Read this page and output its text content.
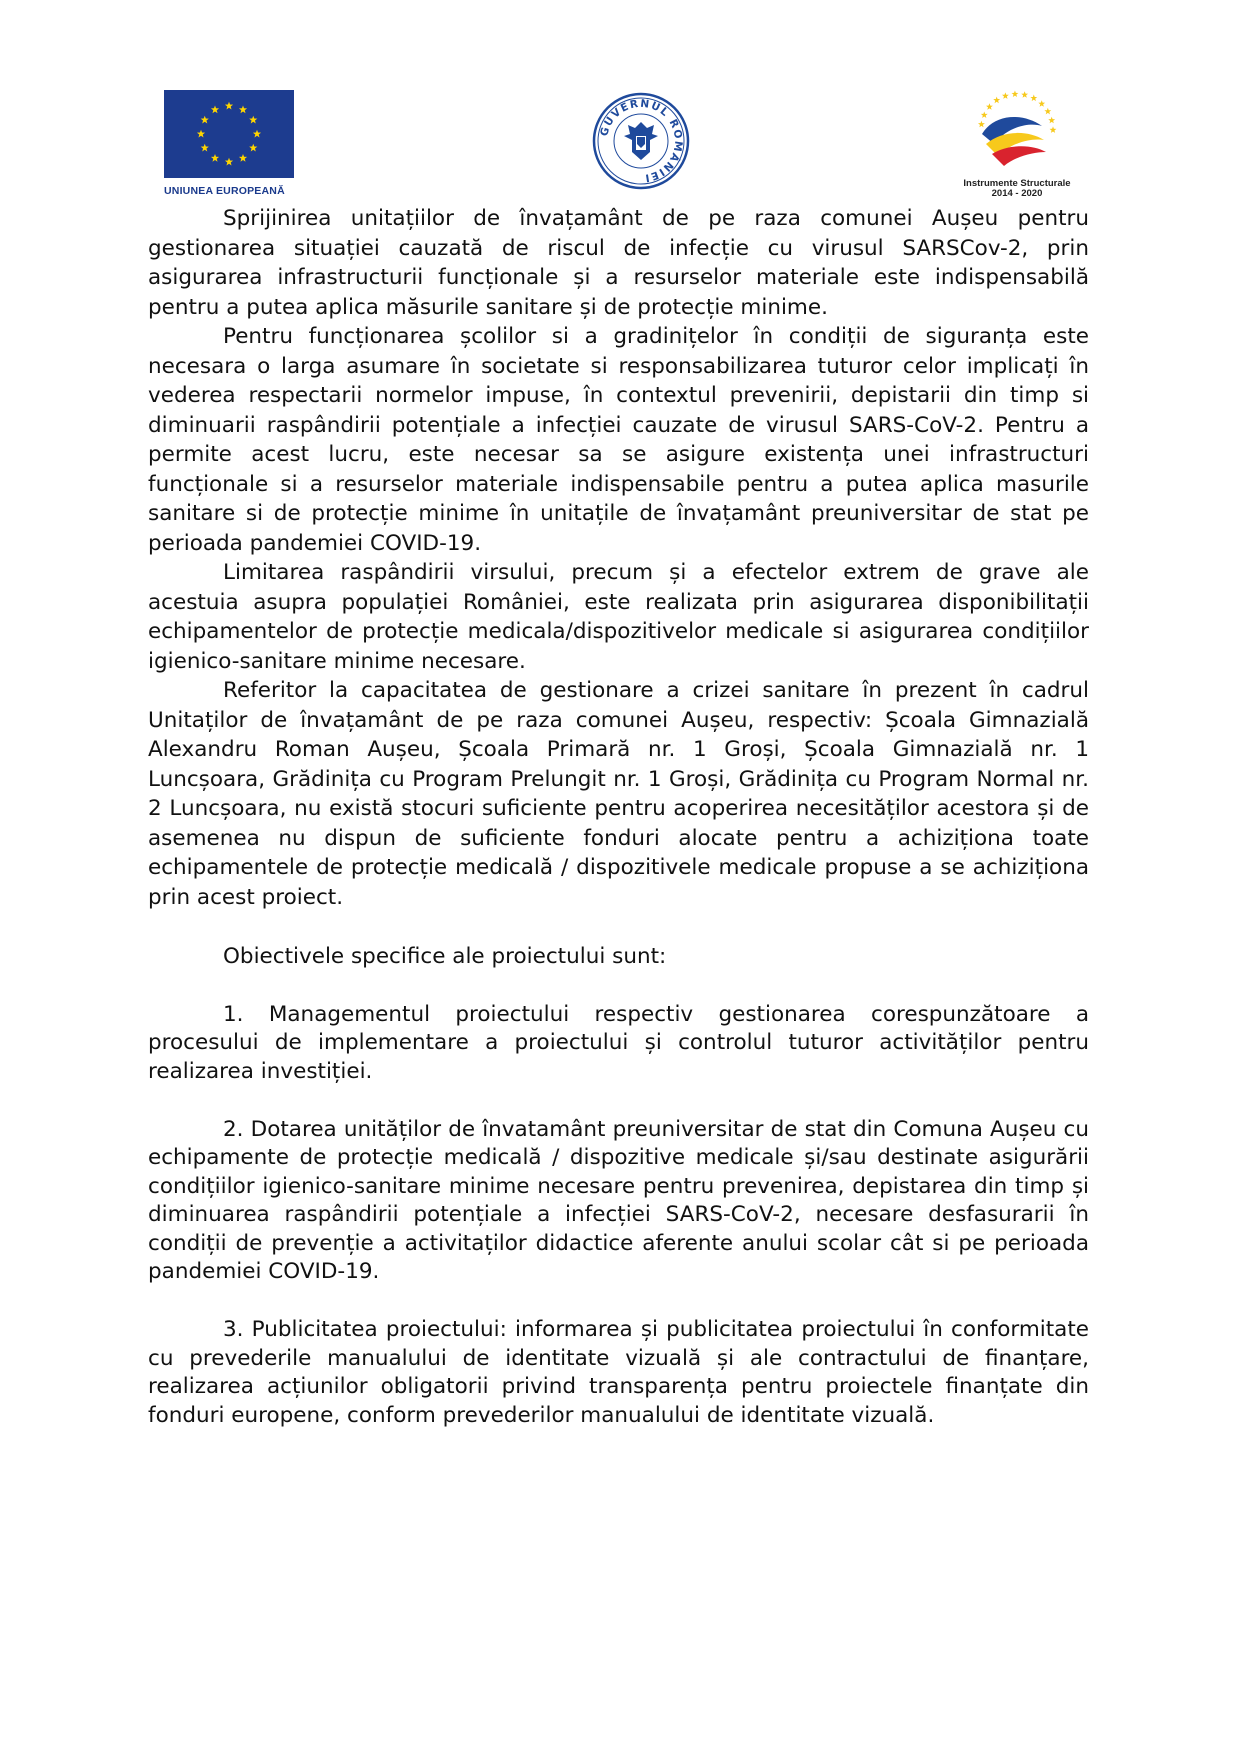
UNIUNEA EUROPEANĂ
GUVERNUL ROMÂNIEI	Instrumente Structurale
2014 - 2020

Sprijinirea unitațiilor de învațamânt de pe raza comunei Aușeu pentru gestionarea situației cauzată de riscul de infecție cu virusul SARSCov-2, prin asigurarea infrastructurii funcționale și a resurselor materiale este indispensabilă pentru a putea aplica măsurile sanitare și de protecție minime.

Pentru funcționarea școlilor si a gradinițelor în condiții de siguranța este necesara o larga asumare în societate si responsabilizarea tuturor celor implicați în vederea respectarii normelor impuse, în contextul prevenirii, depistarii din timp si diminuarii raspândirii potențiale a infecției cauzate de virusul SARS-CoV-2. Pentru a permite acest lucru, este necesar sa se asigure existența unei infrastructuri funcționale si a resurselor materiale indispensabile pentru a putea aplica masurile sanitare si de protecție minime în unitațile de învațamânt preuniversitar de stat pe perioada pandemiei COVID-19.

Limitarea raspândirii virsului, precum și a efectelor extrem de grave ale acestuia asupra populației României, este realizata prin asigurarea disponibilitații echipamentelor de protecție medicala/dispozitivelor medicale si asigurarea condițiilor igienico-sanitare minime necesare.

Referitor la capacitatea de gestionare a crizei sanitare în prezent în cadrul Unitaților de învațamânt de pe raza comunei Aușeu, respectiv: Școala Gimnazială Alexandru Roman Aușeu, Școala Primară nr. 1 Groși, Școala Gimnazială nr. 1 Luncșoara, Grădinița cu Program Prelungit nr. 1 Groși, Grădinița cu Program Normal nr. 2 Luncșoara, nu există stocuri suficiente pentru acoperirea necesităților acestora și de asemenea nu dispun de suficiente fonduri alocate pentru a achiziționa toate echipamentele de protecție medicală / dispozitivele medicale propuse a se achiziționa prin acest proiect.

Obiectivele specifice ale proiectului sunt:

1. Managementul proiectului respectiv gestionarea corespunzătoare a procesului de implementare a proiectului și controlul tuturor activităților pentru realizarea investiției.

2. Dotarea unităților de învatamânt preuniversitar de stat din Comuna Aușeu cu echipamente de protecție medicală / dispozitive medicale și/sau destinate asigurării condițiilor igienico-sanitare minime necesare pentru prevenirea, depistarea din timp și diminuarea raspândirii potențiale a infecției SARS-CoV-2, necesare desfasurarii în condiții de prevenție a activitaților didactice aferente anului scolar cât si pe perioada pandemiei COVID-19.

3. Publicitatea proiectului: informarea și publicitatea proiectului în conformitate cu prevederile manualului de identitate vizuală și ale contractului de finanțare, realizarea acțiunilor obligatorii privind transparența pentru proiectele finanțate din fonduri europene, conform prevederilor manualului de identitate vizuală.
